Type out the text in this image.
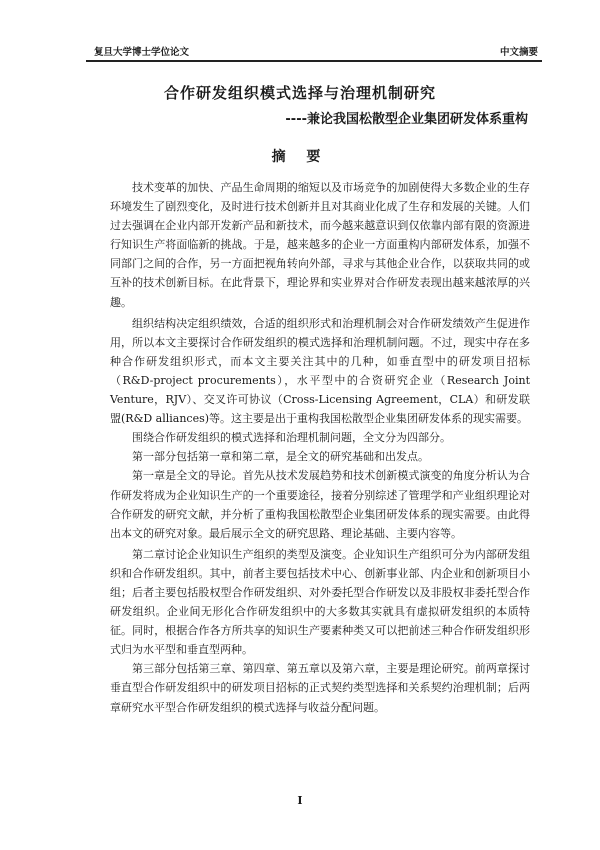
复旦大学博士学位论文	中文摘要
合作研发组织模式选择与治理机制研究
----兼论我国松散型企业集团研发体系重构
摘 要

技术变革的加快、产品生命周期的缩短以及市场竞争的加剧使得大多数企业的生存环境发生了剧烈变化，及时进行技术创新并且对其商业化成了生存和发展的关键。人们过去强调在企业内部开发新产品和新技术，而今越来越意识到仅依靠内部有限的资源进行知识生产将面临新的挑战。于是，越来越多的企业一方面重构内部研发体系，加强不同部门之间的合作，另一方面把视角转向外部，寻求与其他企业合作，以获取共同的或互补的技术创新目标。在此背景下，理论界和实业界对合作研发表现出越来越浓厚的兴趣。

组织结构决定组织绩效，合适的组织形式和治理机制会对合作研发绩效产生促进作用，所以本文主要探讨合作研发组织的模式选择和治理机制问题。不过，现实中存在多种合作研发组织形式，而本文主要关注其中的几种，如垂直型中的研发项目招标（R&D-project procurements），水平型中的合资研究企业（Research Joint Venture，RJV）、交叉许可协议（Cross-Licensing Agreement，CLA）和研发联盟(R&D alliances)等。这主要是出于重构我国松散型企业集团研发体系的现实需要。

围绕合作研发组织的模式选择和治理机制问题，全文分为四部分。

第一部分包括第一章和第二章，是全文的研究基础和出发点。

第一章是全文的导论。首先从技术发展趋势和技术创新模式演变的角度分析认为合作研发将成为企业知识生产的一个重要途径，接着分别综述了管理学和产业组织理论对合作研发的研究文献，并分析了重构我国松散型企业集团研发体系的现实需要。由此得出本文的研究对象。最后展示全文的研究思路、理论基础、主要内容等。

第二章讨论企业知识生产组织的类型及演变。企业知识生产组织可分为内部研发组织和合作研发组织。其中，前者主要包括技术中心、创新事业部、内企业和创新项目小组；后者主要包括股权型合作研发组织、对外委托型合作研发以及非股权非委托型合作研发组织。企业间无形化合作研发组织中的大多数其实就具有虚拟研发组织的本质特征。同时，根据合作各方所共享的知识生产要素种类又可以把前述三种合作研发组织形式归为水平型和垂直型两种。

第三部分包括第三章、第四章、第五章以及第六章，主要是理论研究。前两章探讨垂直型合作研发组织中的研发项目招标的正式契约类型选择和关系契约治理机制；后两章研究水平型合作研发组织的模式选择与收益分配问题。

I
